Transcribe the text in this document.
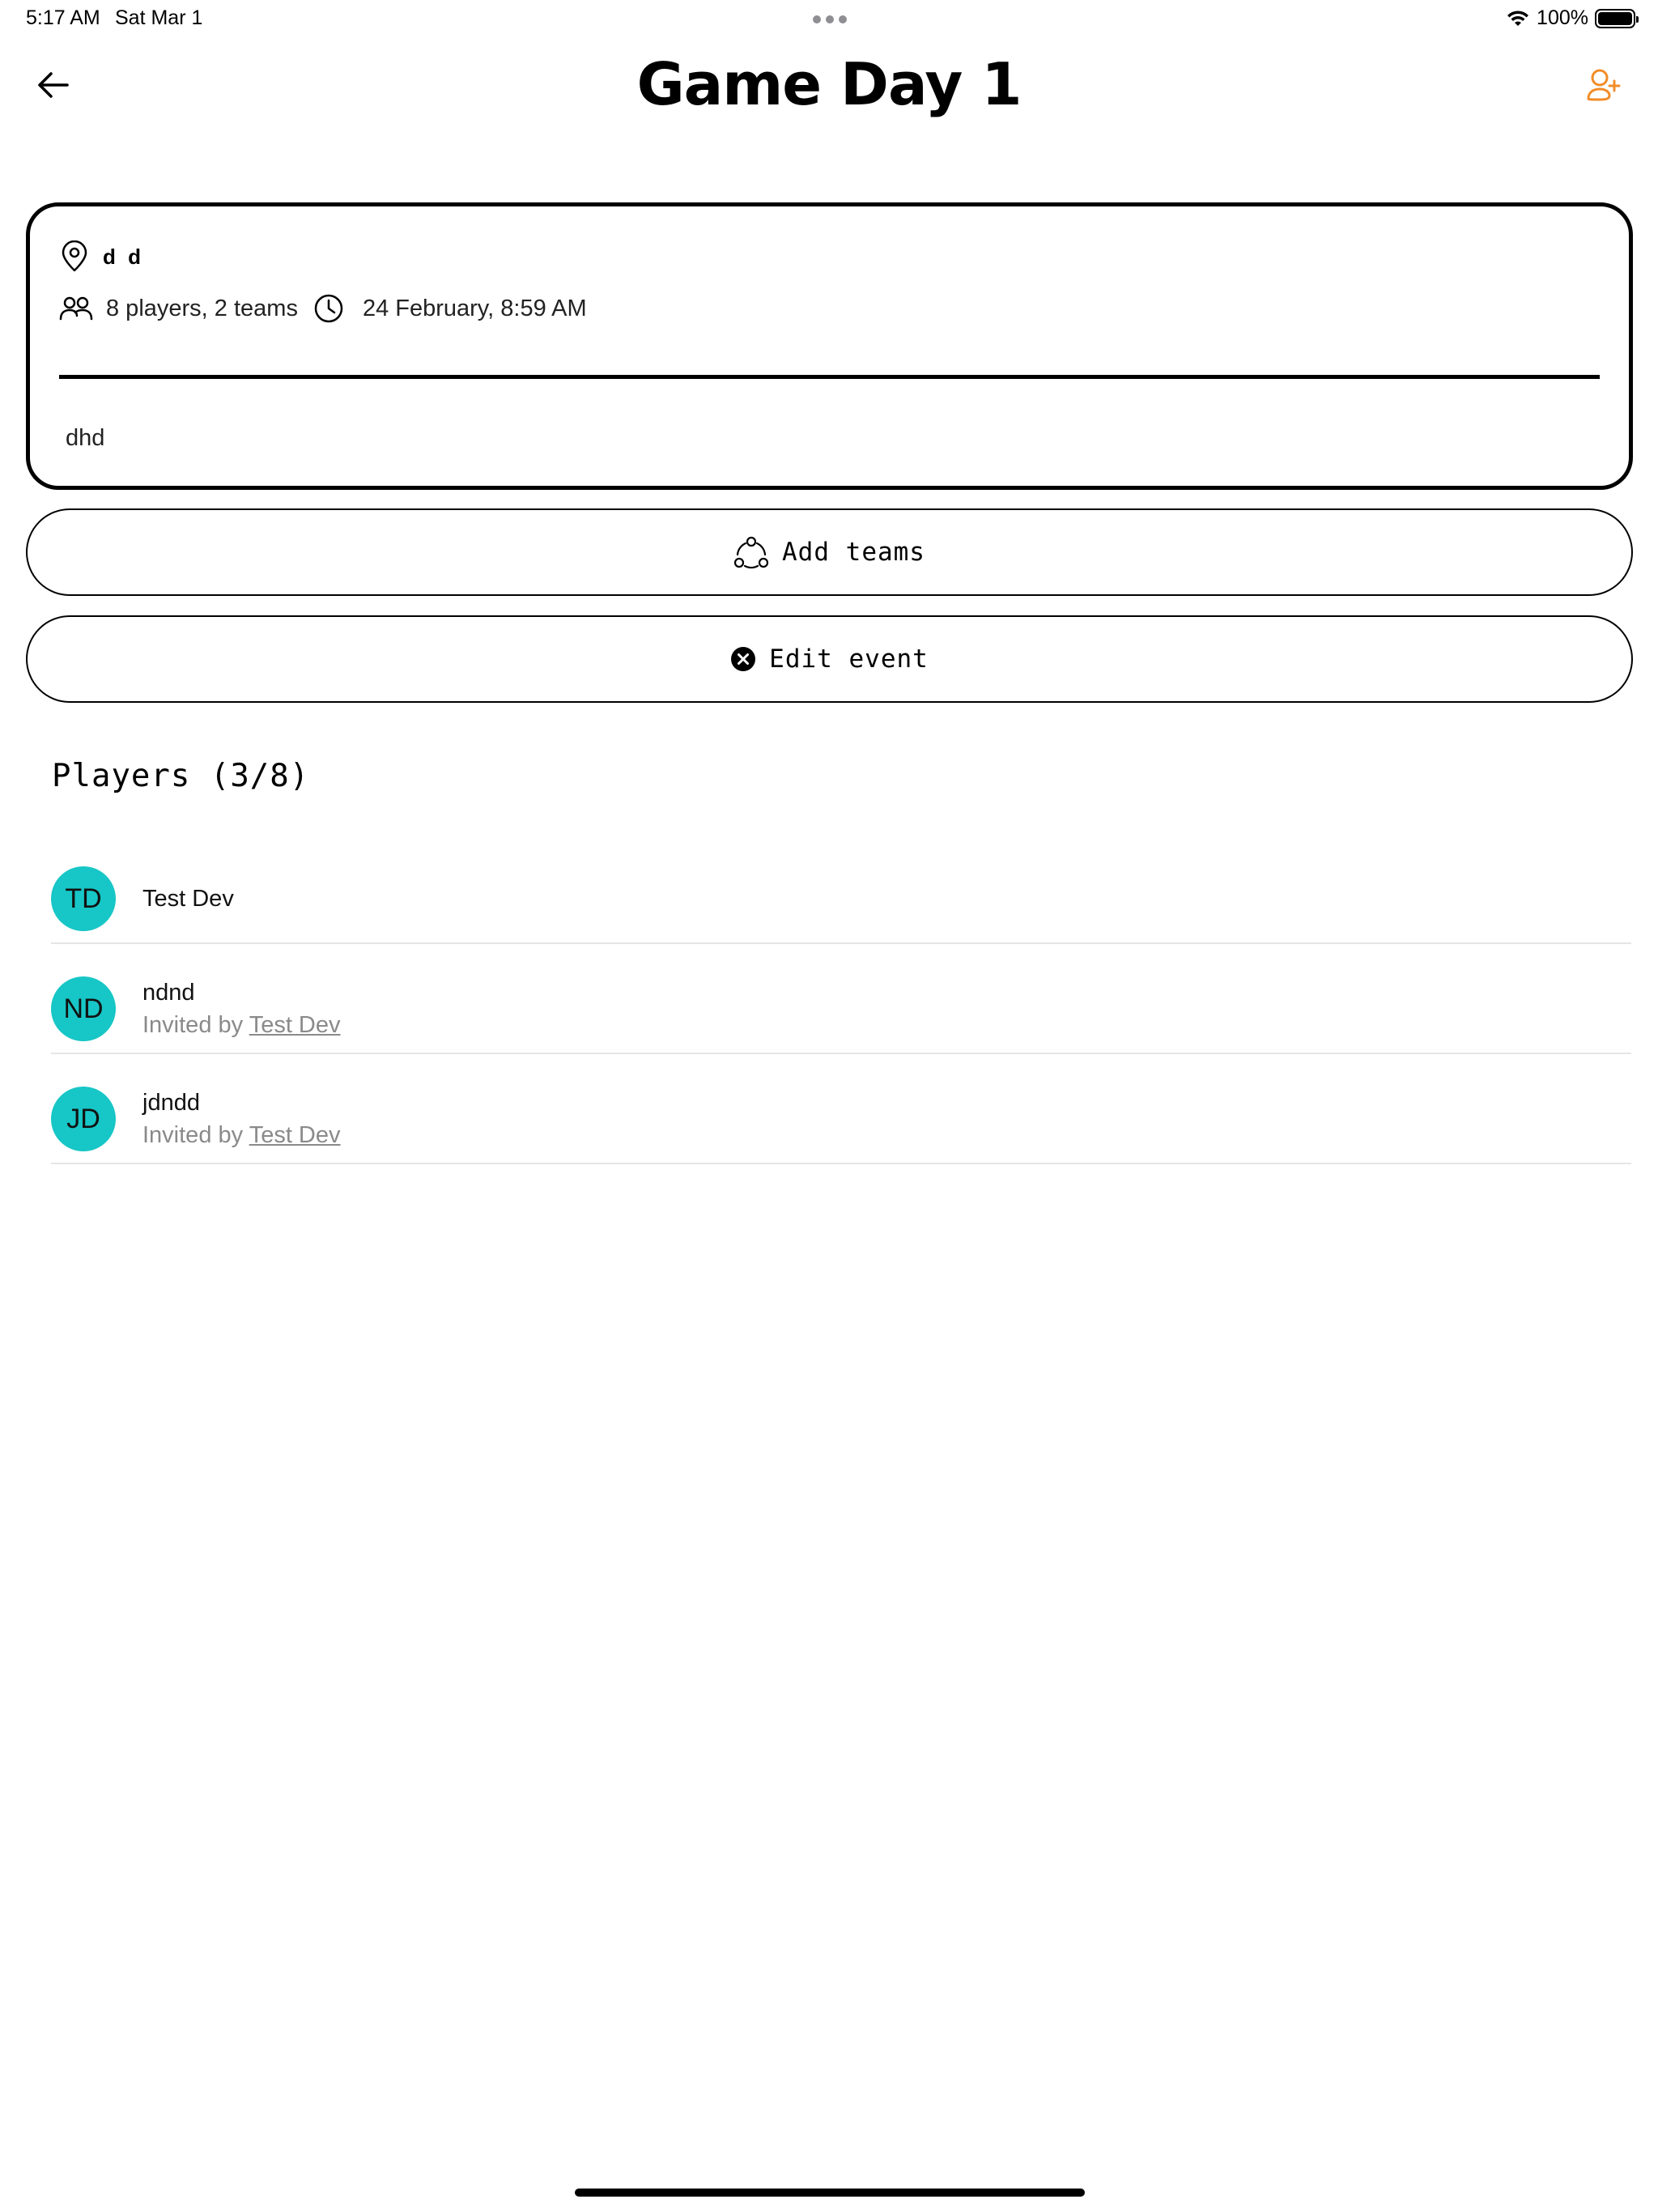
5:17 AM Sat Mar 1	100%
Game Day 1
d d
8 players, 2 teams	24 February, 8:59 AM
dhd
Add teams
Edit event
Players (3/8)
TD	Test Dev
ND
ndnd
Invited by Test Dev
JD
jdndd
Invited by Test Dev
